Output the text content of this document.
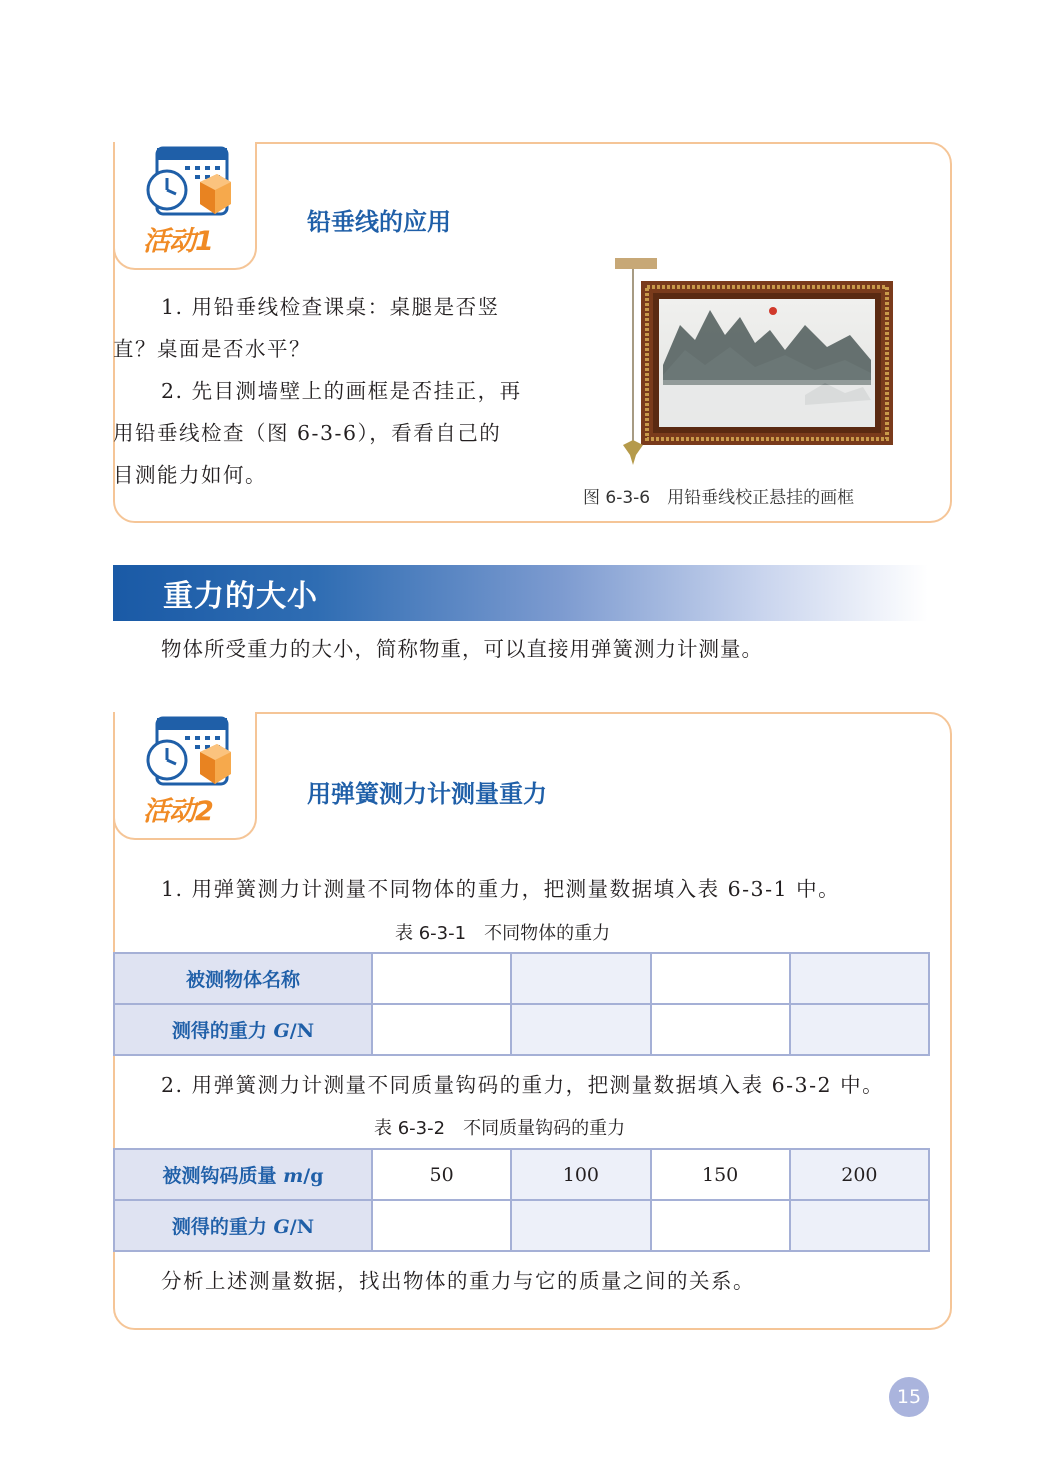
活动1
铅垂线的应用
1. 用铅垂线检查课桌：桌腿是否竖
直？桌面是否水平？
2. 先目测墙壁上的画框是否挂正，再
用铅垂线检查（图 6-3-6），看看自己的
目测能力如何。
图 6-3-6　用铅垂线校正悬挂的画框
重力的大小
物体所受重力的大小，简称物重，可以直接用弹簧测力计测量。
活动2
用弹簧测力计测量重力
1. 用弹簧测力计测量不同物体的重力，把测量数据填入表 6-3-1 中。
表 6-3-1　不同物体的重力
被测物体名称				
测得的重力 G/N				
2. 用弹簧测力计测量不同质量钩码的重力，把测量数据填入表 6-3-2 中。
表 6-3-2　不同质量钩码的重力
被测钩码质量 m/g	50	100	150	200
测得的重力 G/N				
分析上述测量数据，找出物体的重力与它的质量之间的关系。
15
